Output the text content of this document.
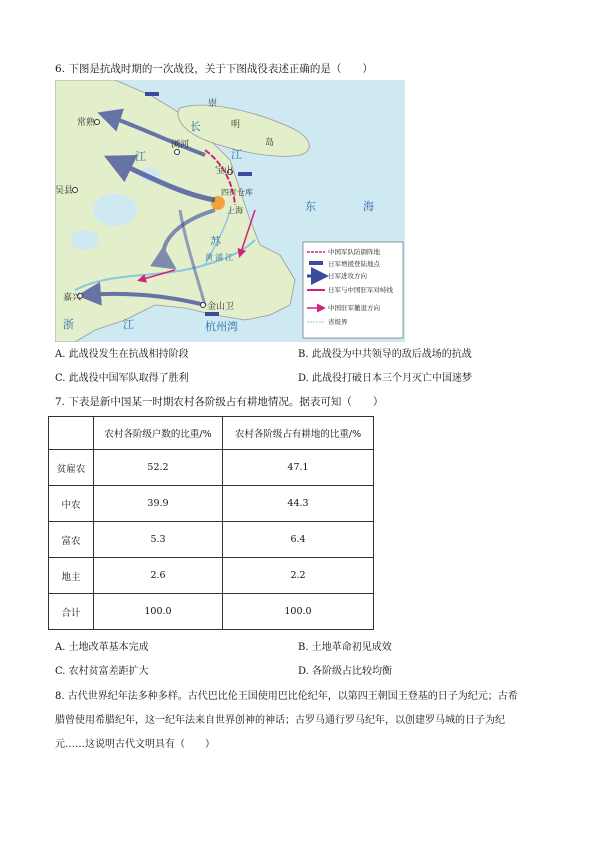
6. 下图是抗战时期的一次战役，关于下图战役表述正确的是（　　）
崇
明
岛
常熟
浏河
宝山
长
江
四行仓库
上海
吴县
东	海
江
苏
黄 浦 江
嘉兴
金山卫
浙	江	杭州湾
中国军队防御阵地
日军增援登陆地点
日军进攻方向
日军与中国驻军对峙线
中国驻军撤退方向
省级界
A. 此战役发生在抗战相持阶段	B. 此战役为中共领导的敌后战场的抗战
C. 此战役中国军队取得了胜利	D. 此战役打破日本三个月灭亡中国迷梦
7. 下表是新中国某一时期农村各阶级占有耕地情况。据表可知（　　）
	农村各阶级户数的比重/%	农村各阶级占有耕地的比重/%
贫雇农	52.2	47.1
中农	39.9	44.3
富农	5.3	6.4
地主	2.6	2.2
合计	100.0	100.0
A. 土地改革基本完成	B. 土地革命初见成效
C. 农村贫富差距扩大	D. 各阶级占比较均衡
8. 古代世界纪年法多种多样。古代巴比伦王国使用巴比伦纪年，以第四王朝国王登基的日子为纪元；古希
腊曾使用希腊纪年，这一纪年法来自世界创神的神话；古罗马通行罗马纪年，以创建罗马城的日子为纪
元……这说明古代文明具有（　　）
